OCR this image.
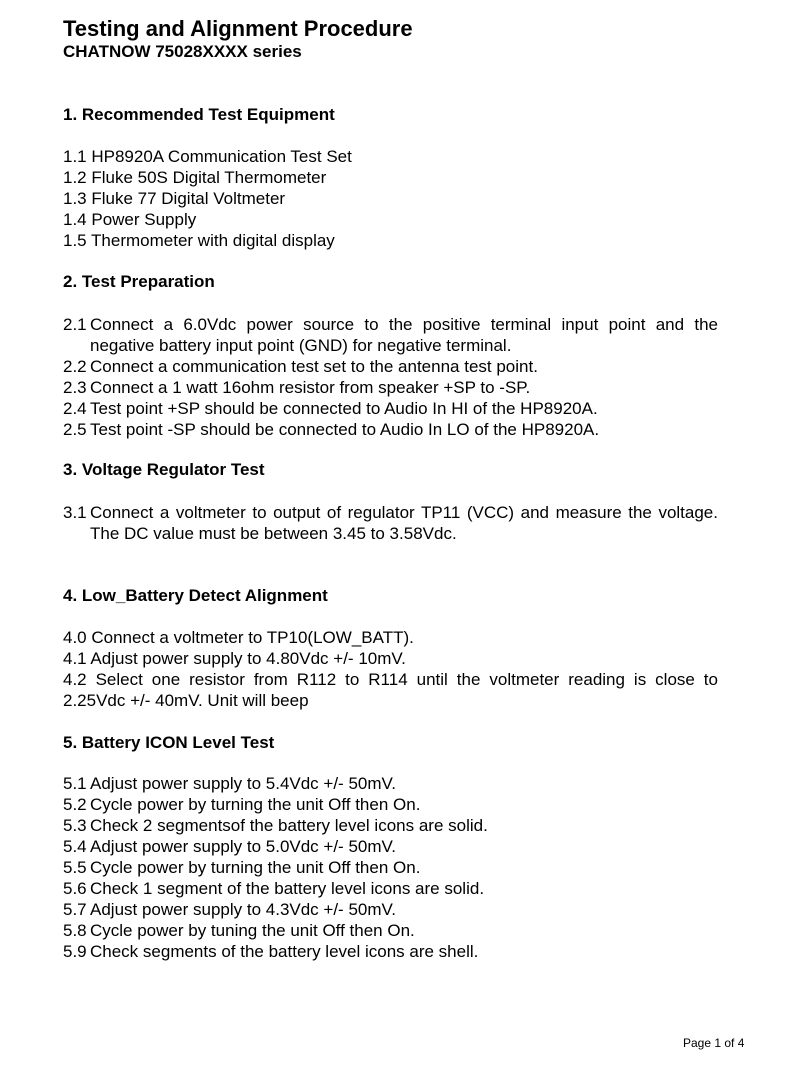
Testing and Alignment Procedure
CHATNOW 75028XXXX series
1. Recommended Test Equipment
1.1 HP8920A Communication Test Set
1.2 Fluke 50S Digital Thermometer
1.3 Fluke 77 Digital Voltmeter
1.4 Power Supply
1.5 Thermometer with digital display
2. Test Preparation
2.1 Connect a 6.0Vdc power source to the positive terminal input point and the negative battery input point (GND) for negative terminal.
2.2 Connect a communication test set to the antenna test point.
2.3 Connect a 1 watt 16ohm resistor from speaker +SP to -SP.
2.4 Test point +SP should be connected to Audio In HI of the HP8920A.
2.5 Test point -SP should be connected to Audio In LO of the HP8920A.
3. Voltage Regulator Test
3.1 Connect a voltmeter to output of regulator TP11 (VCC) and measure the voltage. The DC value must be between 3.45 to 3.58Vdc.
4. Low_Battery Detect Alignment
4.0 Connect a voltmeter to TP10(LOW_BATT).
4.1 Adjust power supply to 4.80Vdc +/- 10mV.
4.2 Select one resistor from R112 to R114 until the voltmeter reading is close to 2.25Vdc +/- 40mV. Unit will beep
5. Battery ICON Level Test
5.1 Adjust power supply to 5.4Vdc +/- 50mV.
5.2 Cycle power by turning the unit Off then On.
5.3 Check 2 segmentsof the battery level icons are solid.
5.4 Adjust power supply to 5.0Vdc +/- 50mV.
5.5 Cycle power by turning the unit Off then On.
5.6 Check 1 segment of the battery level icons are solid.
5.7 Adjust power supply to 4.3Vdc +/- 50mV.
5.8 Cycle power by tuning the unit Off then On.
5.9 Check segments of the battery level icons are shell.
Page 1 of 4
